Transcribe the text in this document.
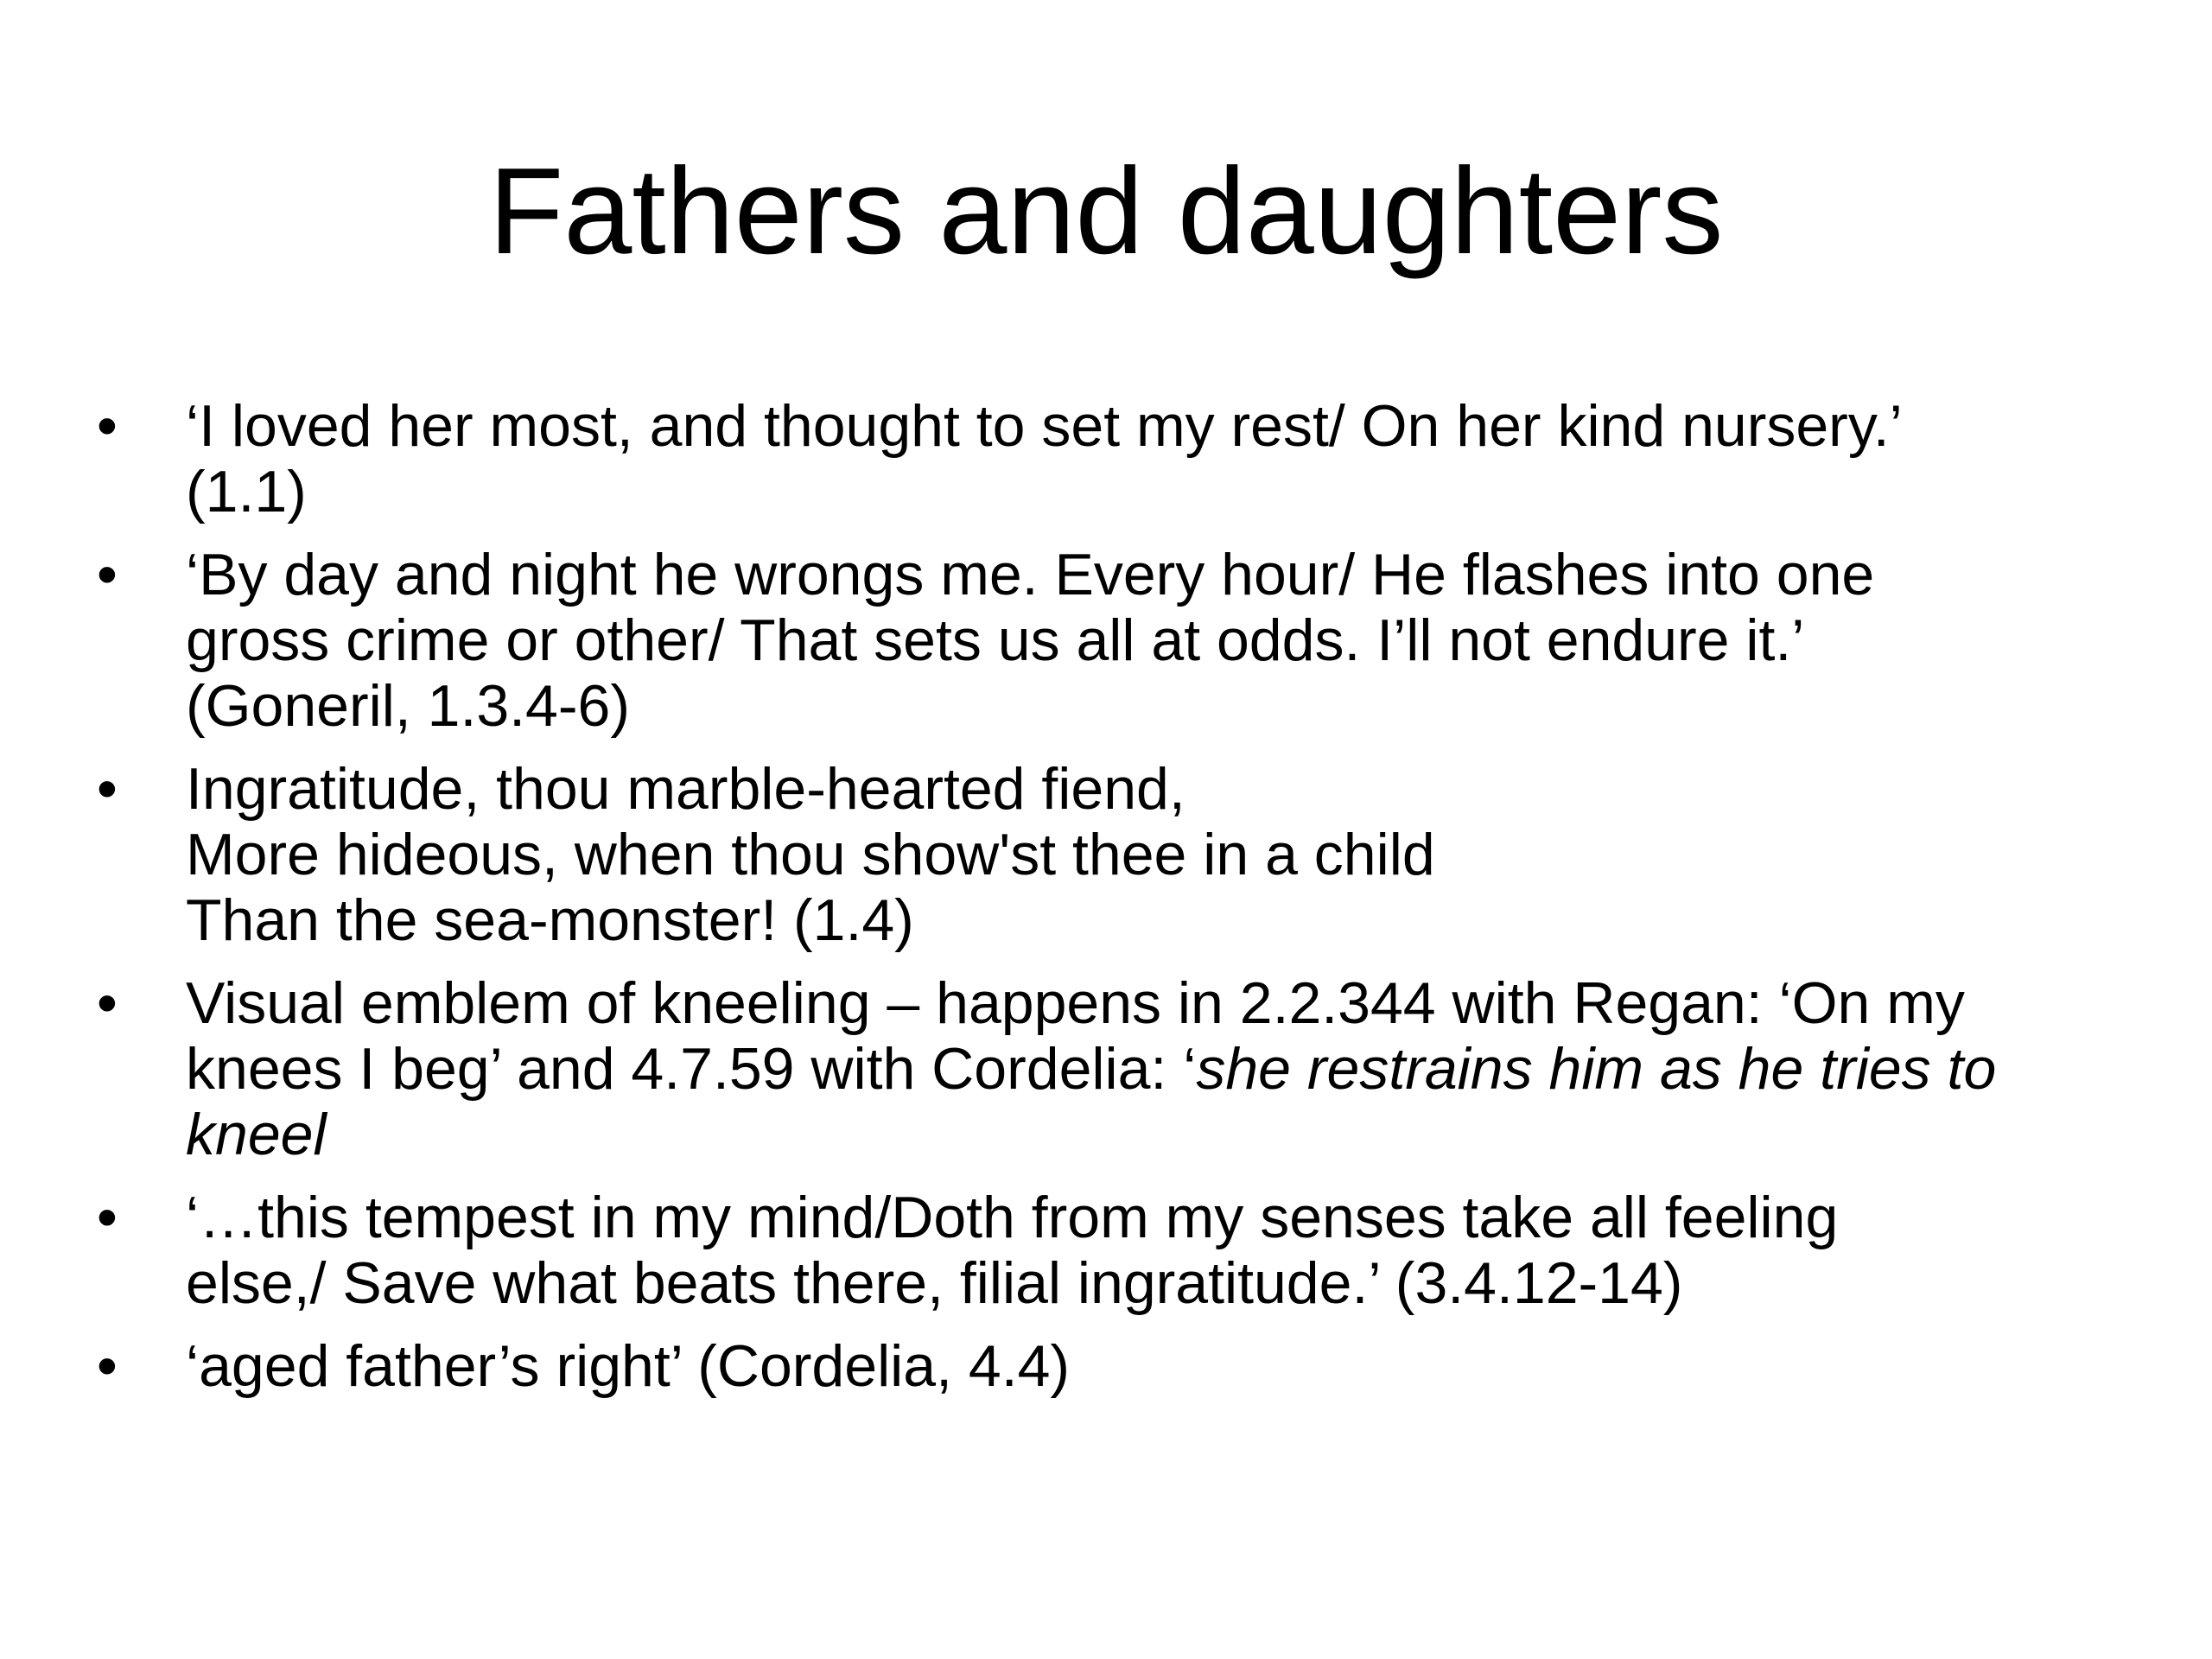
Fathers and daughters
•	‘I loved her most, and thought to set my rest/ On her kind nursery.’
(1.1)
•	‘By day and night he wrongs me. Every hour/ He flashes into one
gross crime or other/ That sets us all at odds. I’ll not endure it.’
(Goneril, 1.3.4-6)
•	Ingratitude, thou marble-hearted fiend,
More hideous, when thou show'st thee in a child
Than the sea-monster! (1.4)
•	Visual emblem of kneeling – happens in 2.2.344 with Regan: ‘On my
knees I beg’ and 4.7.59 with Cordelia: ‘she restrains him as he tries to
kneel
•	‘…this tempest in my mind/Doth from my senses take all feeling
else,/ Save what beats there, filial ingratitude.’ (3.4.12-14)
•	‘aged father’s right’ (Cordelia, 4.4)
